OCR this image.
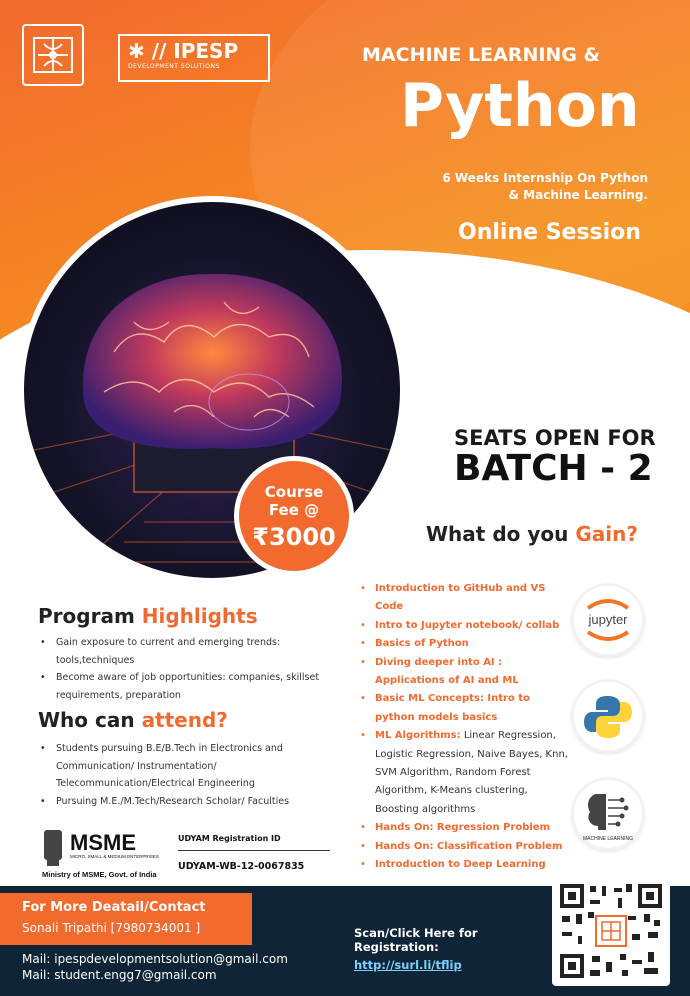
✱ // IPESP
DEVELOPMENT SOLUTIONS
MACHINE LEARNING &
Python
6 Weeks Internship On Python
& Machine Learning.
Online Session
Course
Duration
6 Weeks [30 Hours]
SEATS OPEN FOR
BATCH - 2
Course
Fee @
₹3000	What do you Gain?
• Introduction to GitHub and VS Code
• Intro to Jupyter notebook/ collab
• Basics of Python
• Diving deeper into AI : Applications of AI and ML
• Basic ML Concepts: Intro to python models basics
• ML Algorithms: Linear Regression, Logistic Regression, Naive Bayes, Knn, SVM Algorithm, Random Forest Algorithm, K-Means clustering, Boosting algorithms
• Hands On: Regression Problem
• Hands On: Classification Problem
• Introduction to Deep Learning
jupyter
MACHINE LEARNING
Program Highlights
• Gain exposure to current and emerging trends: tools,techniques
• Become aware of job opportunities: companies, skillset requirements, preparation
Who can attend?
• Students pursuing B.E/B.Tech in Electronics and Communication/ Instrumentation/ Telecommunication/Electrical Engineering
• Pursuing M.E./M.Tech/Research Scholar/ Faculties
MSME
MICRO, SMALL & MEDIUM ENTERPRISES
Ministry of MSME, Govt. of India
UDYAM Registration ID
UDYAM-WB-12-0067835
For More Deatail/Contact
Sonali Tripathi [7980734001 ]
Mail: ipespdevelopmentsolution@gmail.com
Mail: student.engg7@gmail.com
Scan/Click Here for
Registration:
http://surl.li/tflip
